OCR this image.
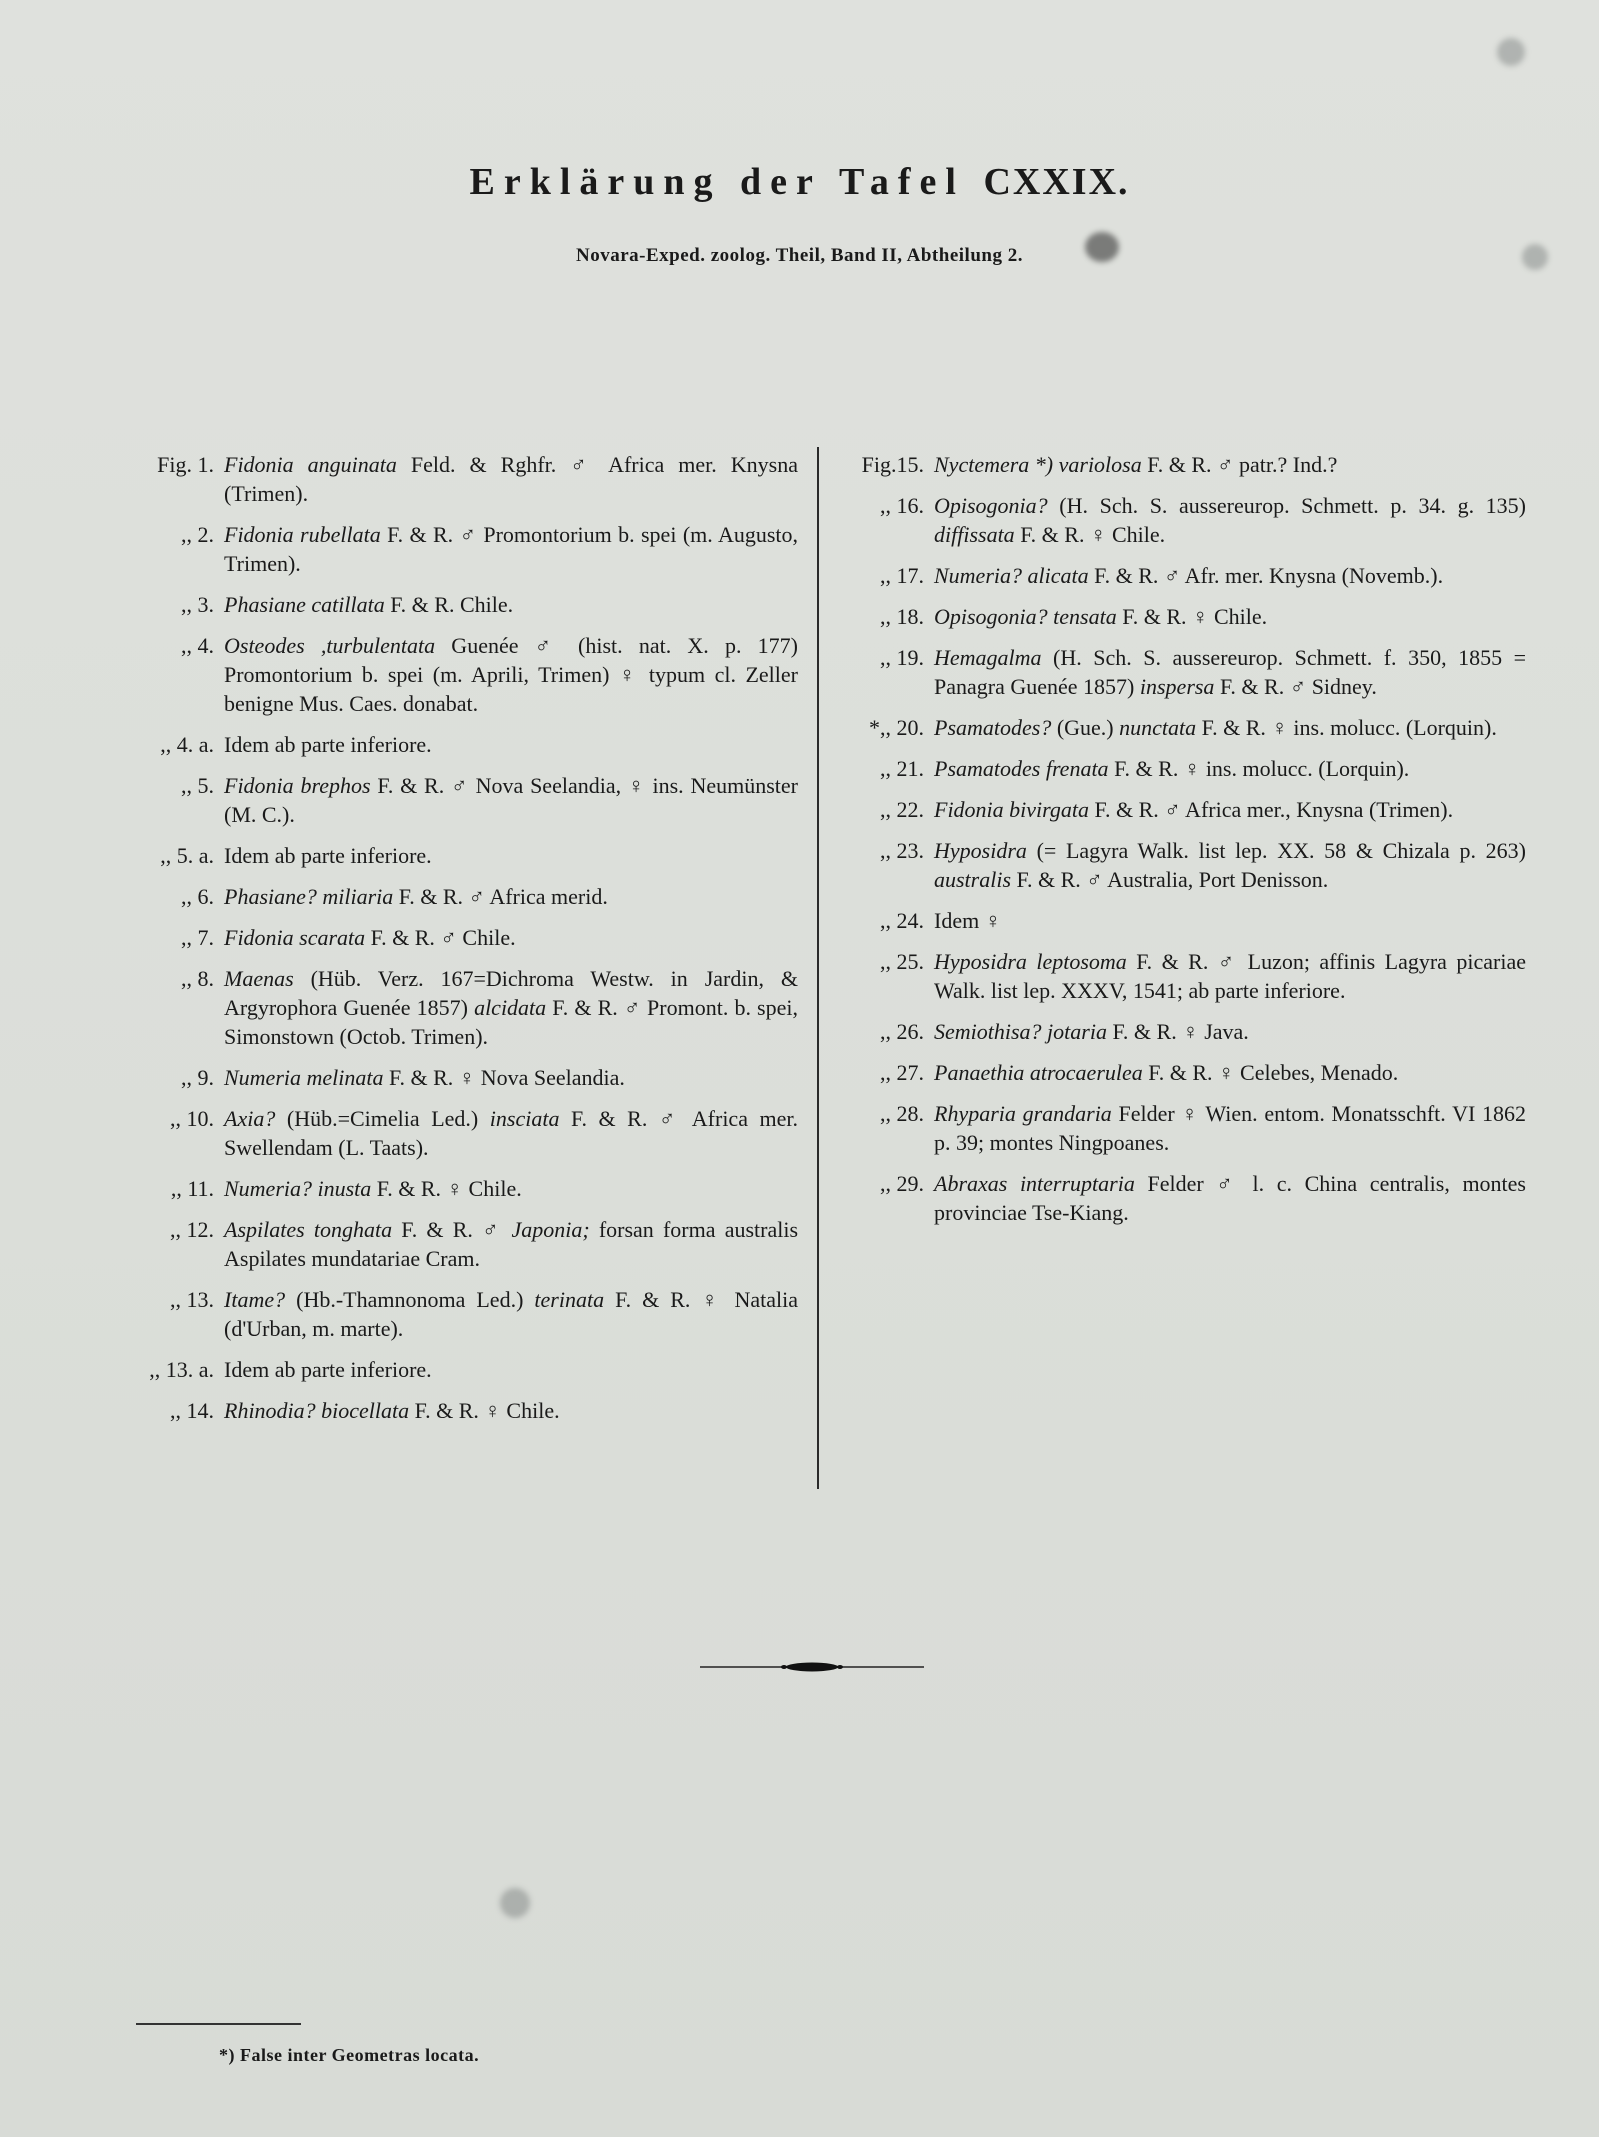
Erklärung der Tafel CXXIX.
Novara-Exped. zoolog. Theil, Band II, Abtheilung 2.
Fig. 1. Fidonia anguinata Feld. & Rghfr. ♂ Africa mer. Knysna (Trimen).
,, 2. Fidonia rubellata F. & R. ♂ Promontorium b. spei (m. Augusto, Trimen).
,, 3. Phasiane catillata F. & R. Chile.
,, 4. Osteodes ,turbulentata Guenée ♂ (hist. nat. X. p. 177) Promontorium b. spei (m. Aprili, Trimen) ♀ typum cl. Zeller benigne Mus. Caes. donabat.
,, 4. a. Idem ab parte inferiore.
,, 5. Fidonia brephos F. & R. ♂ Nova Seelandia, ♀ ins. Neumünster (M. C.).
,, 5. a. Idem ab parte inferiore.
,, 6. Phasiane? miliaria F. & R. ♂ Africa merid.
,, 7. Fidonia scarata F. & R. ♂ Chile.
,, 8. Maenas (Hüb. Verz. 167=Dichroma Westw. in Jardin, & Argyrophora Guenée 1857) alcidata F. & R. ♂ Promont. b. spei, Simonstown (Octob. Trimen).
,, 9. Numeria melinata F. & R. ♀ Nova Seelandia.
,, 10. Axia? (Hüb.=Cimelia Led.) insciata F. & R. ♂ Africa mer. Swellendam (L. Taats).
,, 11. Numeria? inusta F. & R. ♀ Chile.
,, 12. Aspilates tonghata F. & R. ♂ Japonia; forsan forma australis Aspilates mundatariae Cram.
,, 13. Itame? (Hb.-Thamnonoma Led.) terinata F. & R. ♀ Natalia (d'Urban, m. marte).
,, 13. a. Idem ab parte inferiore.
,, 14. Rhinodia? biocellata F. & R. ♀ Chile.
Fig.15. Nyctemera *) variolosa F. & R. ♂ patr.? Ind.?
,, 16. Opisogonia? (H. Sch. S. aussereurop. Schmett. p. 34. g. 135) diffissata F. & R. ♀ Chile.
,, 17. Numeria? alicata F. & R. ♂ Afr. mer. Knysna (Novemb.).
,, 18. Opisogonia? tensata F. & R. ♀ Chile.
,, 19. Hemagalma (H. Sch. S. aussereurop. Schmett. f. 350, 1855 = Panagra Guenée 1857) inspersa F. & R. ♂ Sidney.
*,, 20. Psamatodes? (Gue.) nunctata F. & R. ♀ ins. molucc. (Lorquin).
,, 21. Psamatodes frenata F. & R. ♀ ins. molucc. (Lorquin).
,, 22. Fidonia bivirgata F. & R. ♂ Africa mer., Knysna (Trimen).
,, 23. Hyposidra (= Lagyra Walk. list lep. XX. 58 & Chizala p. 263) australis F. & R. ♂ Australia, Port Denisson.
,, 24. Idem ♀
,, 25. Hyposidra leptosoma F. & R. ♂ Luzon; affinis Lagyra picariae Walk. list lep. XXXV, 1541; ab parte inferiore.
,, 26. Semiothisa? jotaria F. & R. ♀ Java.
,, 27. Panaethia atrocaerulea F. & R. ♀ Celebes, Menado.
,, 28. Rhyparia grandaria Felder ♀ Wien. entom. Monatsschft. VI 1862 p. 39; montes Ningpoanes.
,, 29. Abraxas interruptaria Felder ♂ l. c. China centralis, montes provinciae Tse-Kiang.
*) False inter Geometras locata.
